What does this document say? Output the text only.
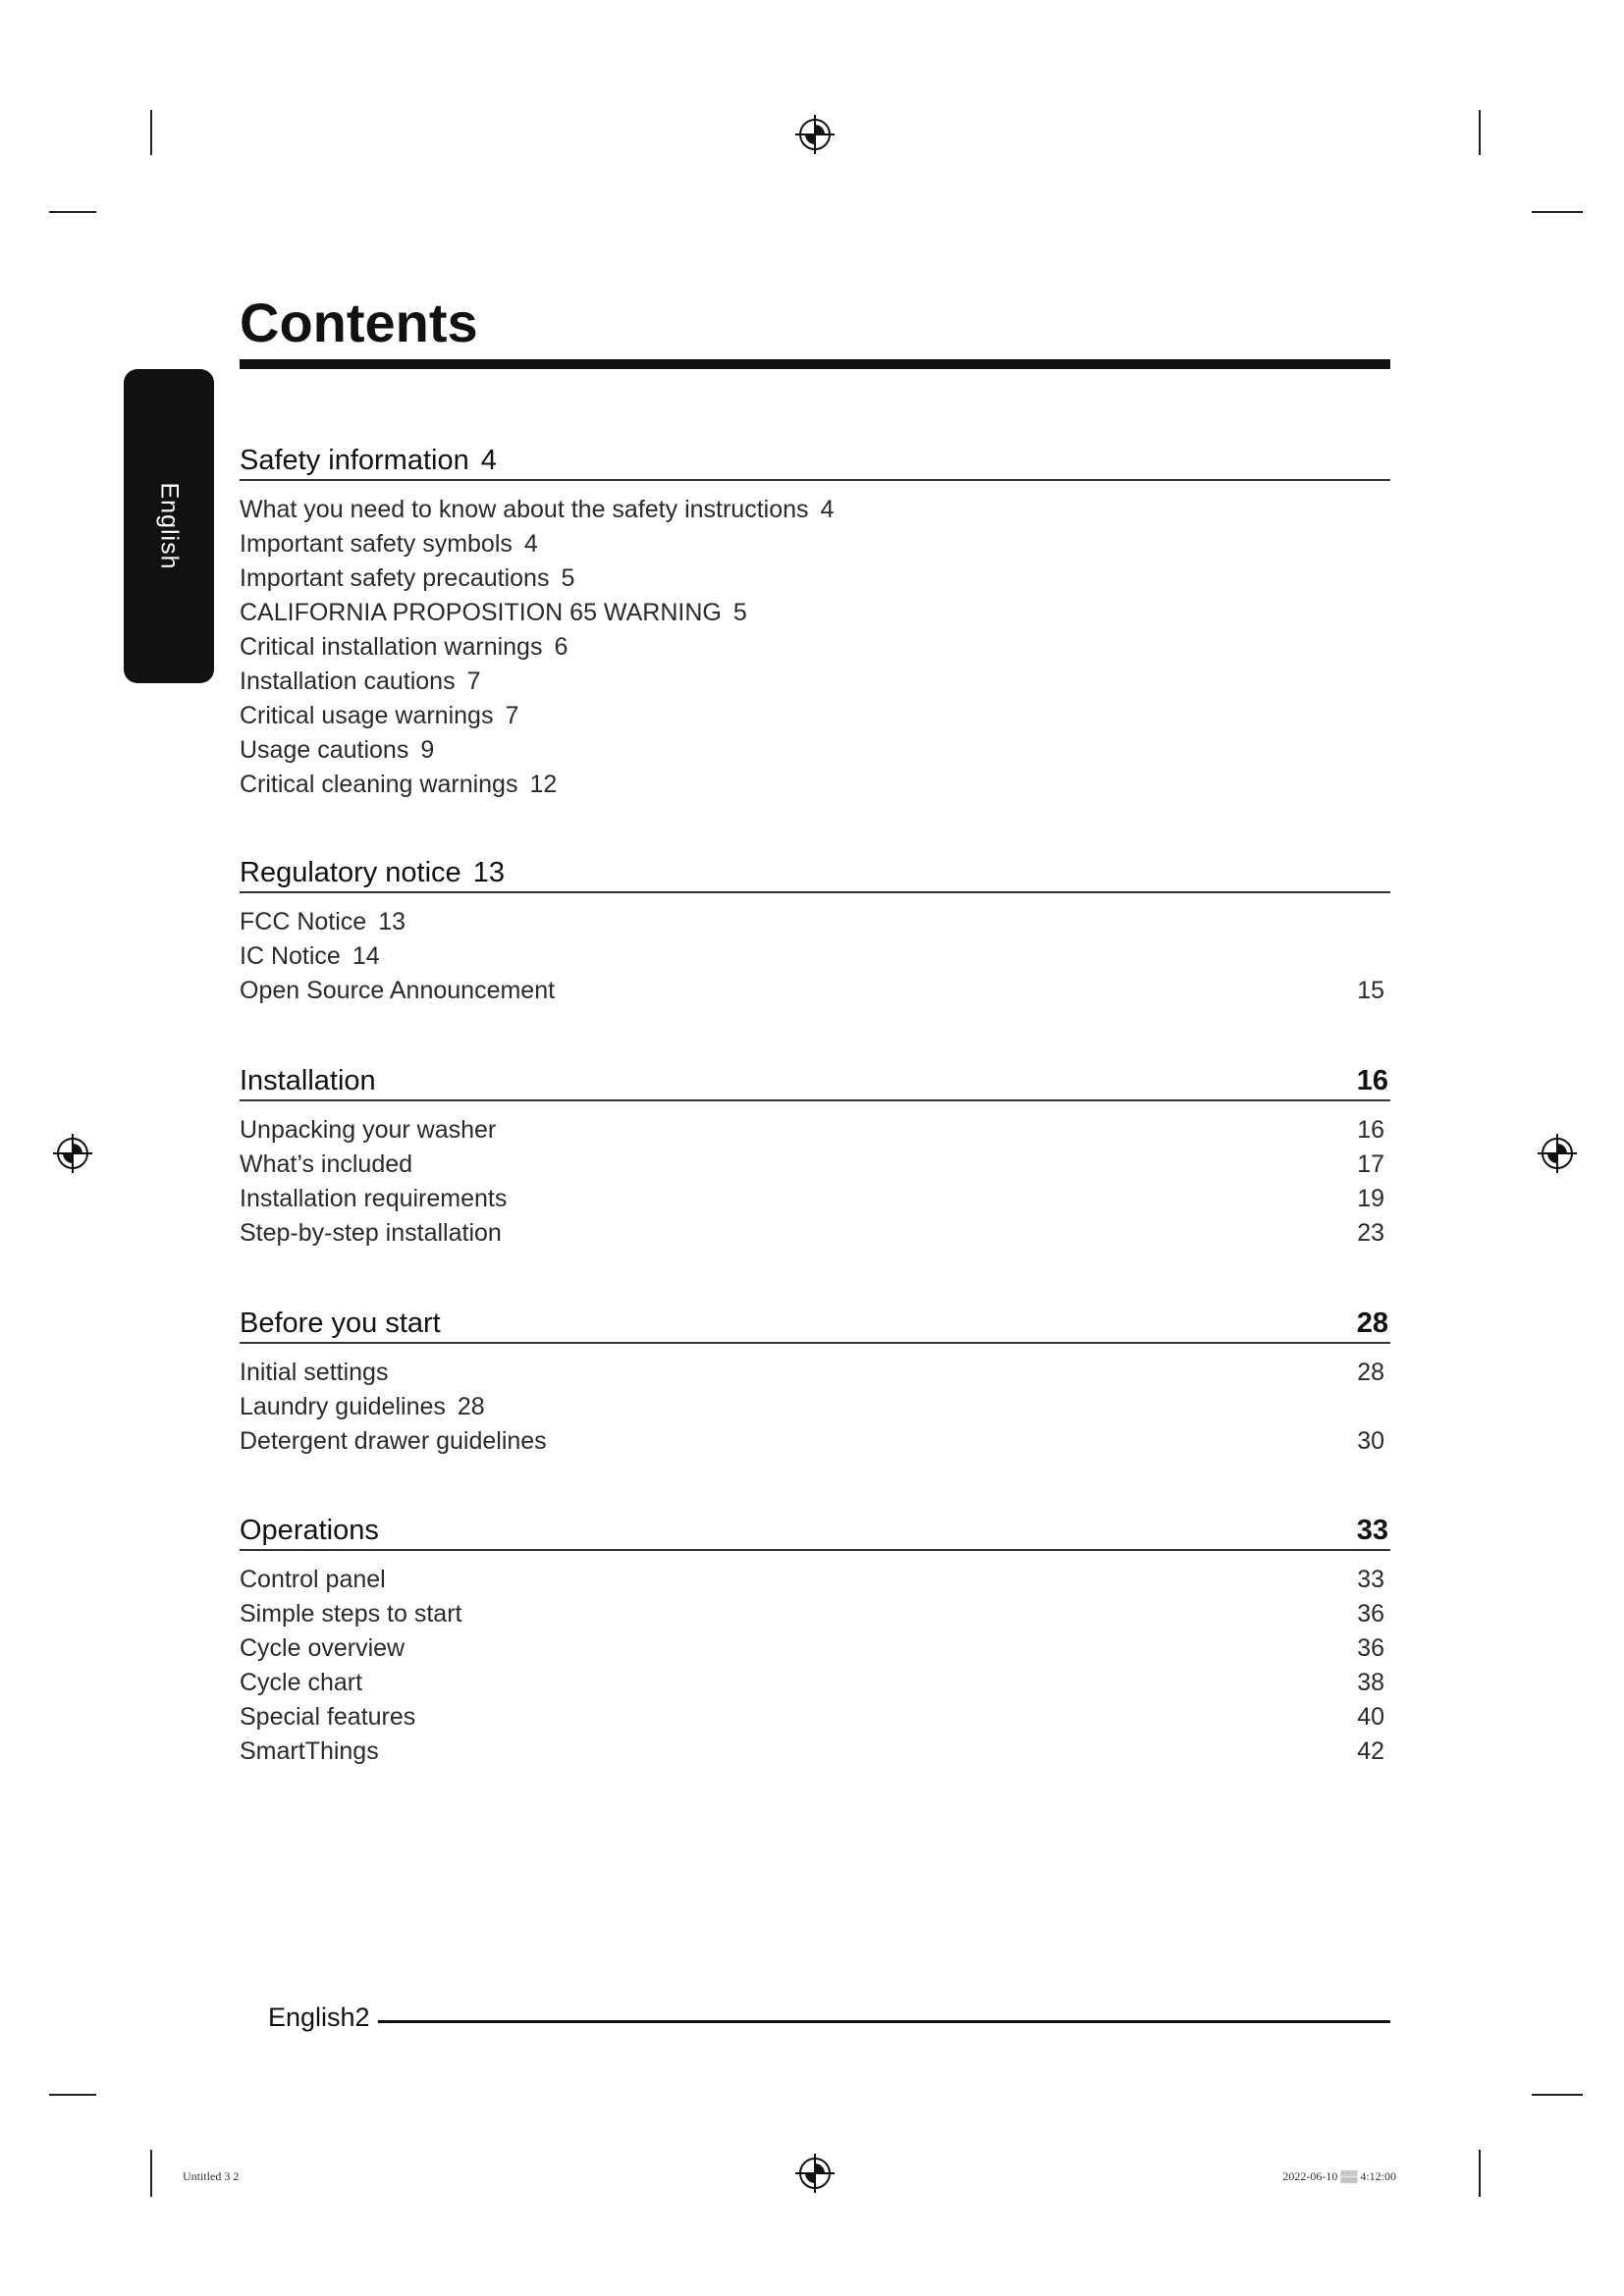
English
Contents
Safety information 4
What you need to know about the safety instructions 4
Important safety symbols 4
Important safety precautions 5
CALIFORNIA PROPOSITION 65 WARNING 5
Critical installation warnings 6
Installation cautions 7
Critical usage warnings 7
Usage cautions 9
Critical cleaning warnings 12
Regulatory notice 13
FCC Notice 13
IC Notice 14
Open Source Announcement	15
Installation	16
Unpacking your washer	16
What’s included	17
Installation requirements	19
Step-by-step installation	23
Before you start	28
Initial settings	28
Laundry guidelines 28
Detergent drawer guidelines	30
Operations	33
Control panel	33
Simple steps to start	36
Cycle overview	36
Cycle chart	38
Special features	40
SmartThings	42
English2
Untitled 3 2	2022-06-10 ▒▒ 4:12:00
